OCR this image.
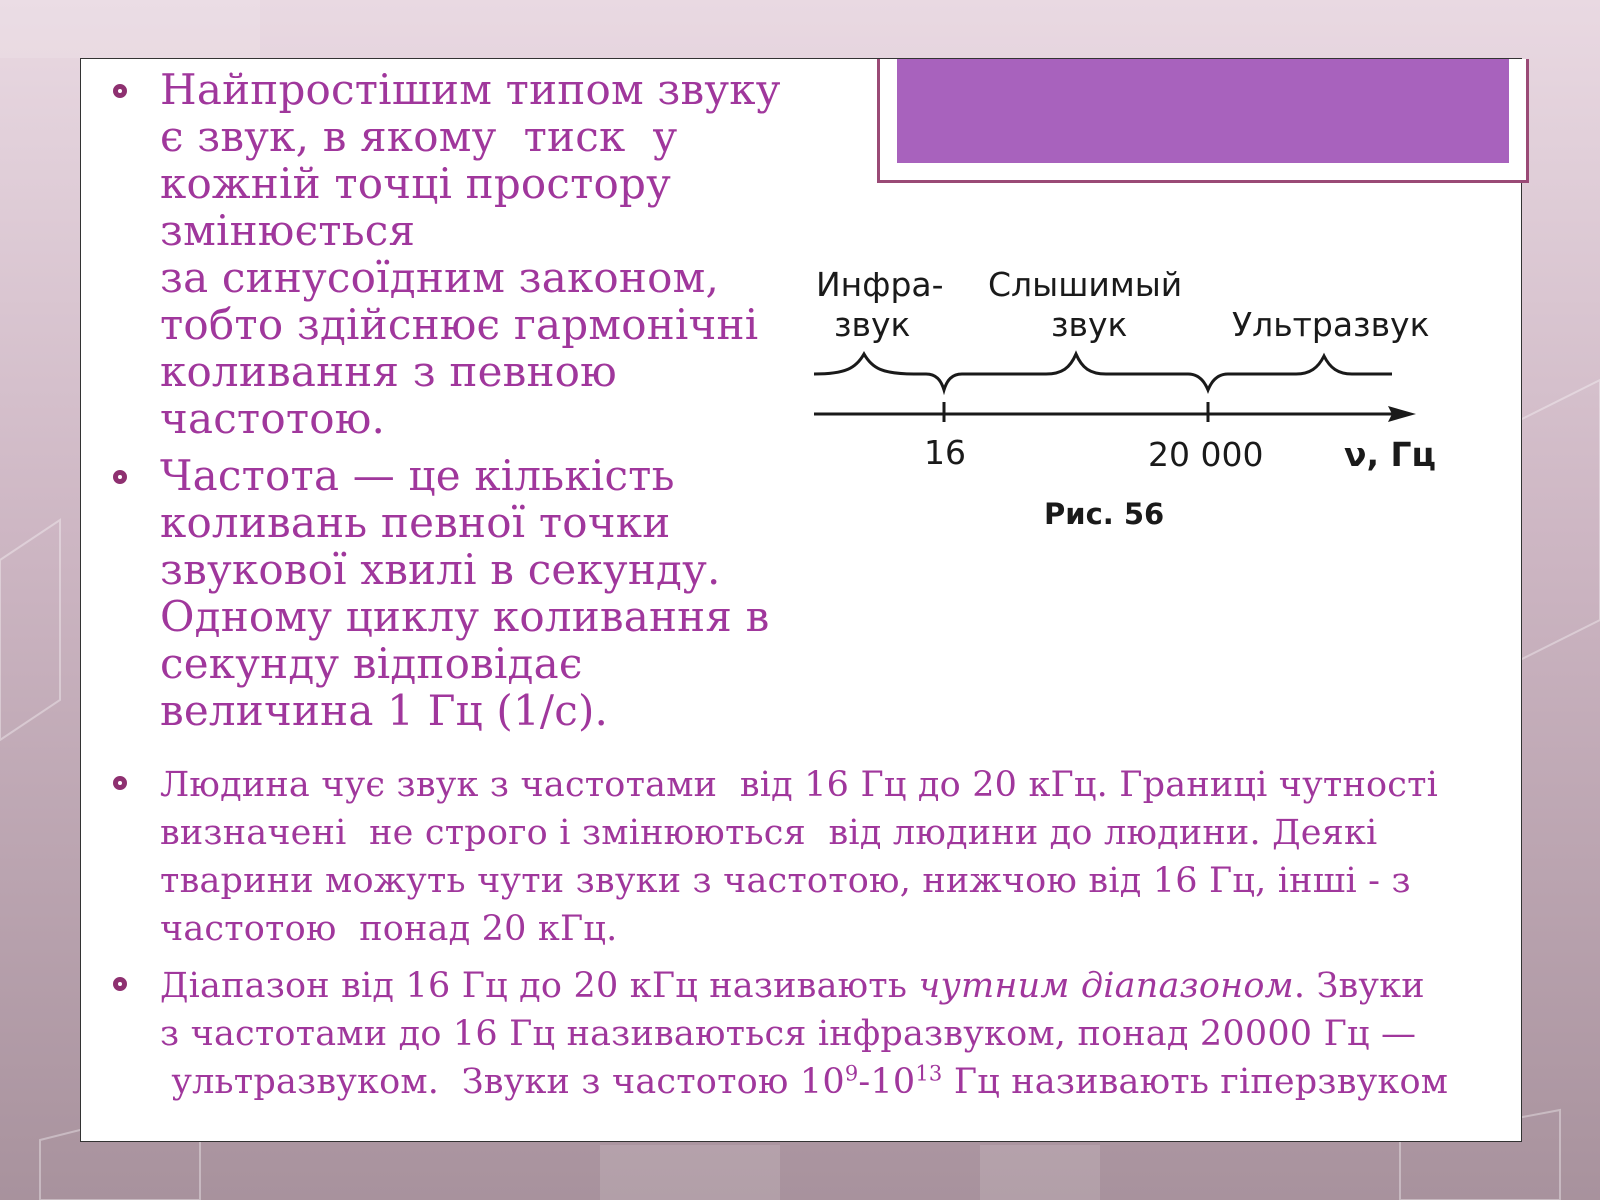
Найпростішим типом звуку
є звук, в якому  тиск  у
кожній точці простору
змінюється
за синусоїдним законом,
тобто здійснює гармонічні
коливання з певною
частотою.
Частота — це кількість
коливань певної точки
звукової хвилі в секунду.
Одному циклу коливання в
секунду відповідає
величина 1 Гц (1/с).
Людина чує звук з частотами  від 16 Гц до 20 кГц. Границі чутності
визначені  не строго і змінюються  від людини до людини. Деякі
тварини можуть чути звуки з частотою, нижчою від 16 Гц, інші - з
частотою  понад 20 кГц.
Діапазон від 16 Гц до 20 кГц називають чутним діапазоном. Звуки
з частотами до 16 Гц називаються інфразвуком, понад 20000 Гц —
ультразвуком.  Звуки з частотою $10^9-10^{13}$ Гц називають гіперзвуком
Инфра-
звук
Слышимый
звук	Ультразвук
16	20 000 ν, Гц
Рис. 56
